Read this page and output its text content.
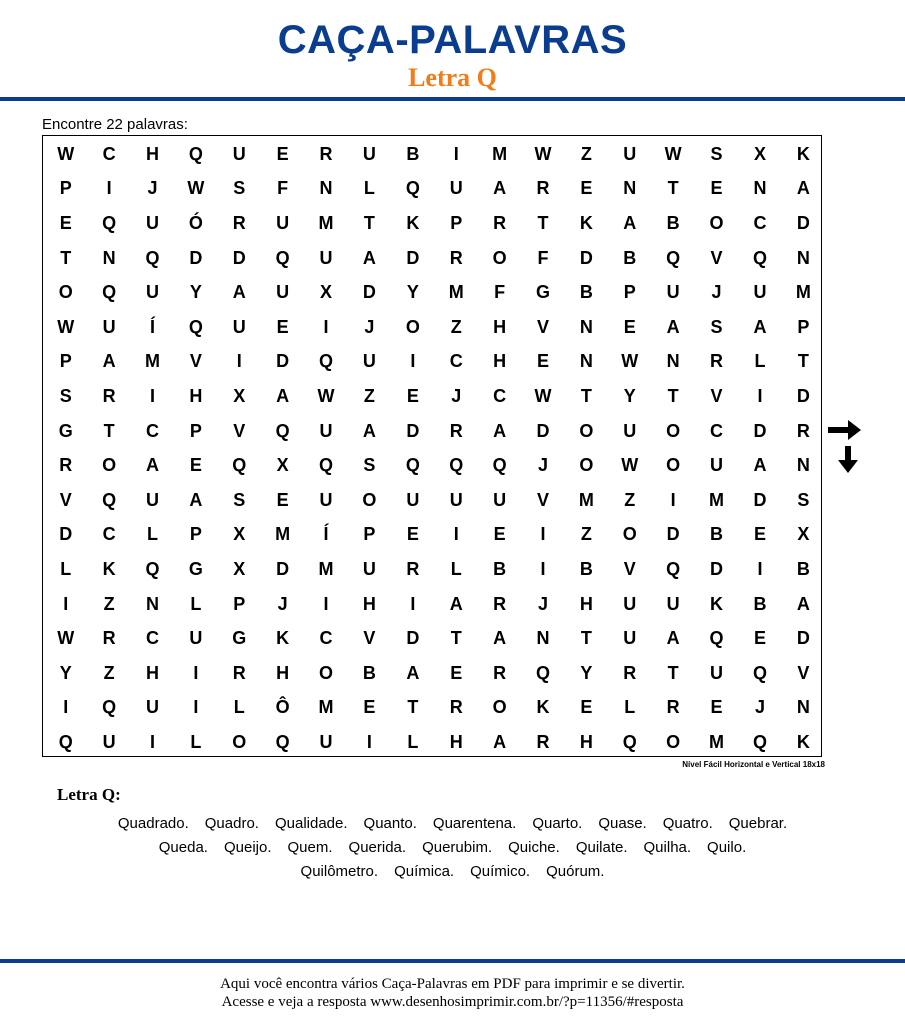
CAÇA-PALAVRAS
Letra Q
Encontre 22 palavras:
W	C	H	Q	U	E	R	U	B	I	M	W	Z	U	W	S	X	K
P	I	J	W	S	F	N	L	Q	U	A	R	E	N	T	E	N	A
E	Q	U	Ó	R	U	M	T	K	P	R	T	K	A	B	O	C	D
T	N	Q	D	D	Q	U	A	D	R	O	F	D	B	Q	V	Q	N
O	Q	U	Y	A	U	X	D	Y	M	F	G	B	P	U	J	U	M
W	U	Í	Q	U	E	I	J	O	Z	H	V	N	E	A	S	A	P
P	A	M	V	I	D	Q	U	I	C	H	E	N	W	N	R	L	T
S	R	I	H	X	A	W	Z	E	J	C	W	T	Y	T	V	I	D
G	T	C	P	V	Q	U	A	D	R	A	D	O	U	O	C	D	R
R	O	A	E	Q	X	Q	S	Q	Q	Q	J	O	W	O	U	A	N
V	Q	U	A	S	E	U	O	U	U	U	V	M	Z	I	M	D	S
D	C	L	P	X	M	Í	P	E	I	E	I	Z	O	D	B	E	X
L	K	Q	G	X	D	M	U	R	L	B	I	B	V	Q	D	I	B
I	Z	N	L	P	J	I	H	I	A	R	J	H	U	U	K	B	A
W	R	C	U	G	K	C	V	D	T	A	N	T	U	A	Q	E	D
Y	Z	H	I	R	H	O	B	A	E	R	Q	Y	R	T	U	Q	V
I	Q	U	I	L	Ô	M	E	T	R	O	K	E	L	R	E	J	N
Q	U	I	L	O	Q	U	I	L	H	A	R	H	Q	O	M	Q	K
Nível Fácil Horizontal e Vertical 18x18
Letra Q:
Quadrado. Quadro. Qualidade. Quanto. Quarentena. Quarto. Quase. Quatro. Quebrar.
Queda. Queijo. Quem. Querida. Querubim. Quiche. Quilate. Quilha. Quilo.
Quilômetro. Química. Químico. Quórum.
Aqui você encontra vários Caça-Palavras em PDF para imprimir e se divertir.
Acesse e veja a resposta www.desenhosimprimir.com.br/?p=11356/#resposta
